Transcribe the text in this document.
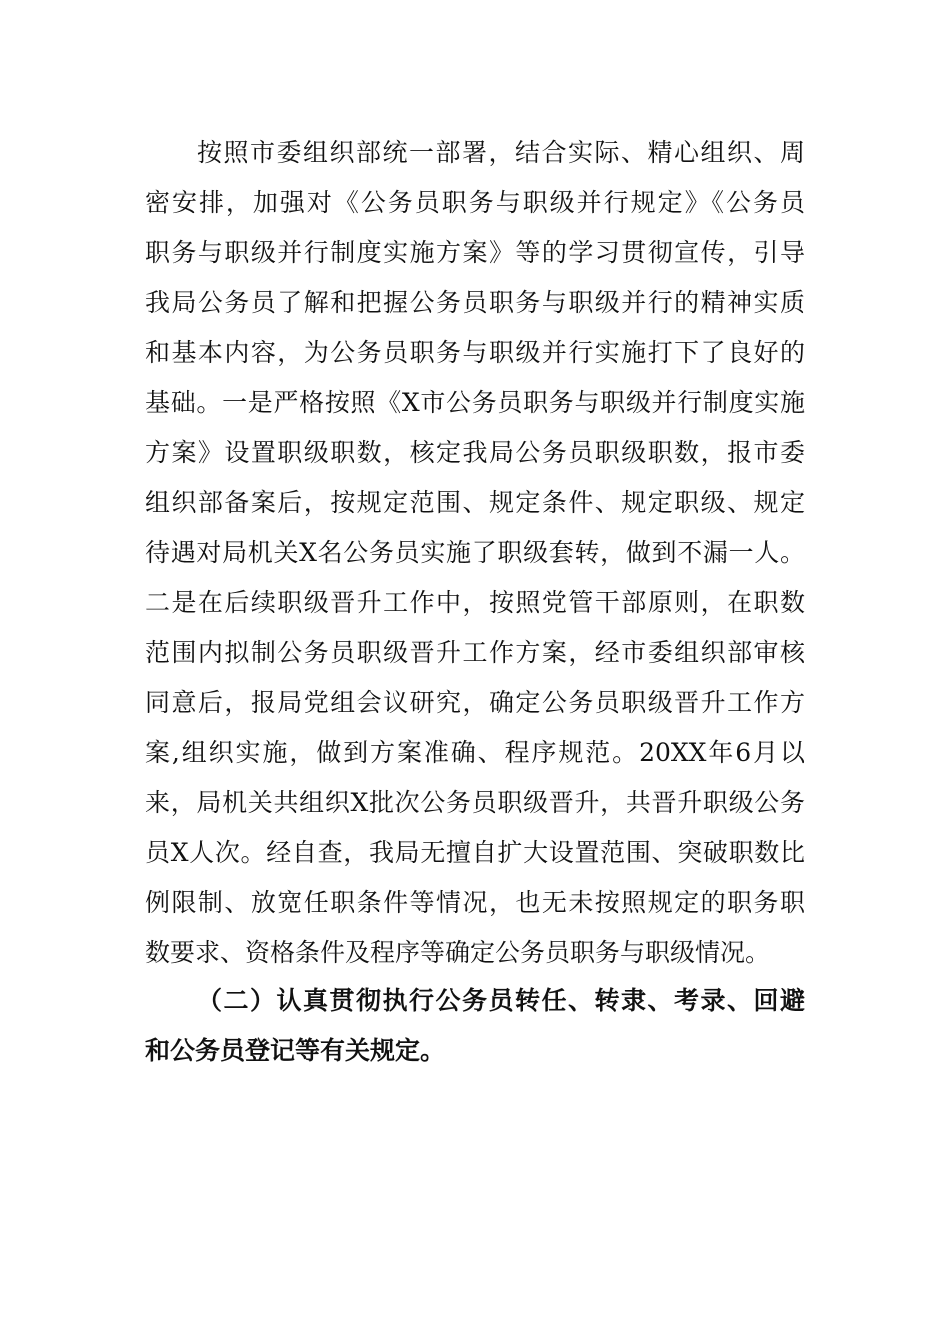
按照市委组织部统一部署，结合实际、精心组织、周
密安排，加强对《公务员职务与职级并行规定》《公务员
职务与职级并行制度实施方案》等的学习贯彻宣传，引导
我局公务员了解和把握公务员职务与职级并行的精神实质
和基本内容，为公务员职务与职级并行实施打下了良好的
基础。一是严格按照《X市公务员职务与职级并行制度实施
方案》设置职级职数，核定我局公务员职级职数，报市委
组织部备案后，按规定范围、规定条件、规定职级、规定
待遇对局机关X名公务员实施了职级套转，做到不漏一人。
二是在后续职级晋升工作中，按照党管干部原则，在职数
范围内拟制公务员职级晋升工作方案，经市委组织部审核
同意后，报局党组会议研究，确定公务员职级晋升工作方
案,组织实施，做到方案准确、程序规范。20XX年6月以
来，局机关共组织X批次公务员职级晋升，共晋升职级公务
员X人次。经自查，我局无擅自扩大设置范围、突破职数比
例限制、放宽任职条件等情况，也无未按照规定的职务职
数要求、资格条件及程序等确定公务员职务与职级情况。
（二）认真贯彻执行公务员转任、转隶、考录、回避
和公务员登记等有关规定。
